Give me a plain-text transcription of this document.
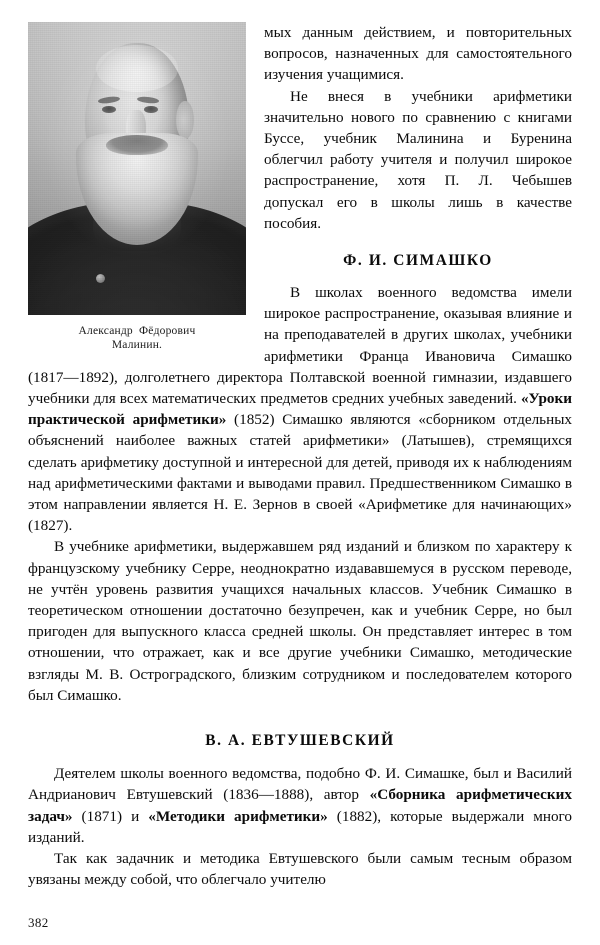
Александр  Фёдорович
Малинин.

мых данным действием, и повторительных вопросов, назначенных для самостоятельного изучения учащимися.

Не внеся в учебники арифметики значительно нового по сравнению с книгами Буссе, учебник Малинина и Буренина облегчил работу учителя и получил широкое распространение, хотя П. Л. Чебышев допускал его в школы лишь в качестве пособия.

Ф. И. СИМАШКО

В школах военного ведомства имели широкое распространение, оказывая влияние и на преподавателей в других школах, учебники арифметики Франца Ивановича Симашко (1817—1892), долголетнего директора Полтавской военной гимназии, издавшего учебники для всех математических предметов средних учебных заведений. «Уроки практической арифметики» (1852) Симашко являются «сборником отдельных объяснений наиболее важных статей арифметики» (Латышев), стремящихся сделать арифметику доступной и интересной для детей, приводя их к наблюдениям над арифметическими фактами и выводами правил. Предшественником Симашко в этом направлении является Н. Е. Зернов в своей «Арифметике для начинающих» (1827).

В учебнике арифметики, выдержавшем ряд изданий и близком по характеру к французскому учебнику Серре, неоднократно издававшемуся в русском переводе, не учтён уровень развития учащихся начальных классов. Учебник Симашко в теоретическом отношении достаточно безупречен, как и учебник Серре, но был пригоден для выпускного класса средней школы. Он представляет интерес в том отношении, что отражает, как и все другие учебники Симашко, методические взгляды М. В. Остроградского, близким сотрудником и последователем которого был Симашко.

В. А. ЕВТУШЕВСКИЙ

Деятелем школы военного ведомства, подобно Ф. И. Симашке, был и Василий Андрианович Евтушевский (1836—1888), автор «Сборника арифметических задач» (1871) и «Методики арифметики» (1882), которые выдержали много изданий.

Так как задачник и методика Евтушевского были самым тесным образом увязаны между собой, что облегчало учителю

382
